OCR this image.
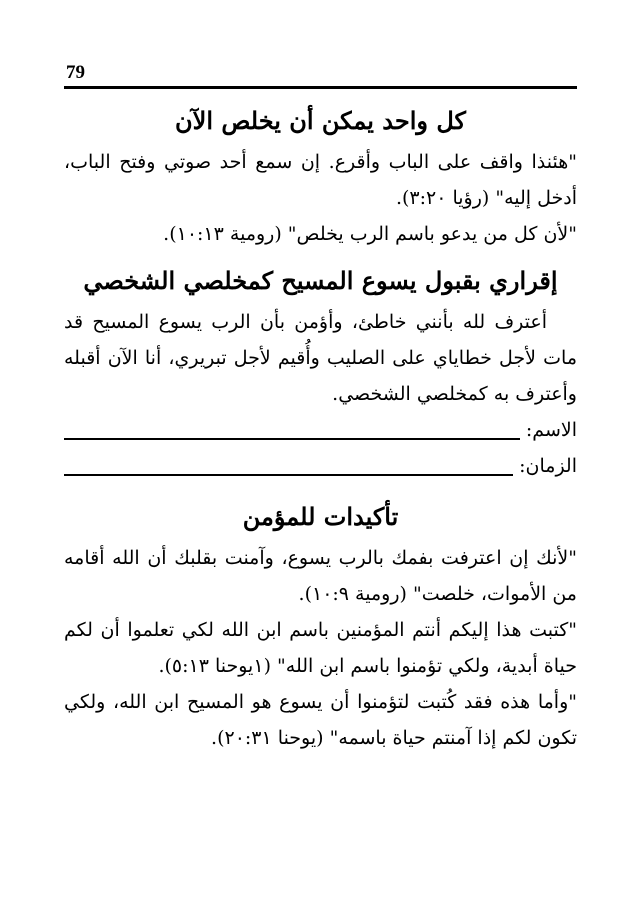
79
كل واحد يمكن أن يخلص الآن

"هئنذا واقف على الباب وأقرع. إن سمع أحد صوتي وفتح الباب، أدخل إليه" (رؤيا ٣:٢٠).

"لأن كل من يدعو باسم الرب يخلص" (رومية ١٠:١٣).

إقراري بقبول يسوع المسيح كمخلصي الشخصي

أعترف لله بأنني خاطئ، وأؤمن بأن الرب يسوع المسيح قد مات لأجل خطاياي على الصليب وأُقيم لأجل تبريري، أنا الآن أقبله وأعترف به كمخلصي الشخصي.

الاسم:
الزمان:
تأكيدات للمؤمن

"لأنك إن اعترفت بفمك بالرب يسوع، وآمنت بقلبك أن الله أقامه من الأموات، خلصت" (رومية ١٠:٩).

"كتبت هذا إليكم أنتم المؤمنين باسم ابن الله لكي تعلموا أن لكم حياة أبدية، ولكي تؤمنوا باسم ابن الله" (١يوحنا ٥:١٣).

"وأما هذه فقد كُتبت لتؤمنوا أن يسوع هو المسيح ابن الله، ولكي تكون لكم إذا آمنتم حياة باسمه" (يوحنا ٢٠:٣١).
